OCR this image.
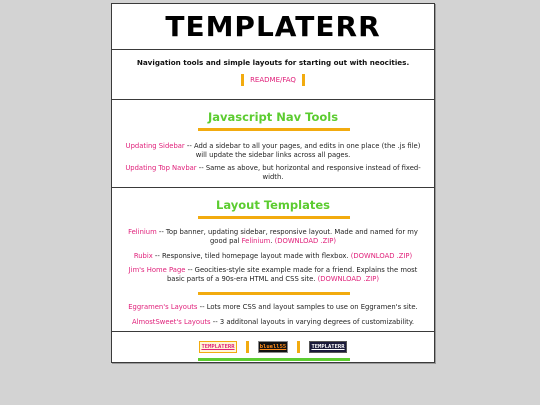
TEMPLATERR

Navigation tools and simple layouts for starting out with neocities.

README/FAQ
Javascript Nav Tools

Updating Sidebar -- Add a sidebar to all your pages, and edits in one place (the .js file) will update the sidebar links across all pages.

Updating Top Navbar -- Same as above, but horizontal and responsive instead of fixed-width.

Layout Templates

Felinium -- Top banner, updating sidebar, responsive layout. Made and named for my good pal Felinium. (DOWNLOAD .ZIP)

Rubix -- Responsive, tiled homepage layout made with flexbox. (DOWNLOAD .ZIP)

Jim's Home Page -- Geocities-style site example made for a friend. Explains the most basic parts of a 90s-era HTML and CSS site. (DOWNLOAD .ZIP)

Eggramen's Layouts -- Lots more CSS and layout samples to use on Eggramen's site.

AlmostSweet's Layouts -- 3 additonal layouts in varying degrees of customizability.

TEMPLATERR	bluell55	TEMPLATERR
